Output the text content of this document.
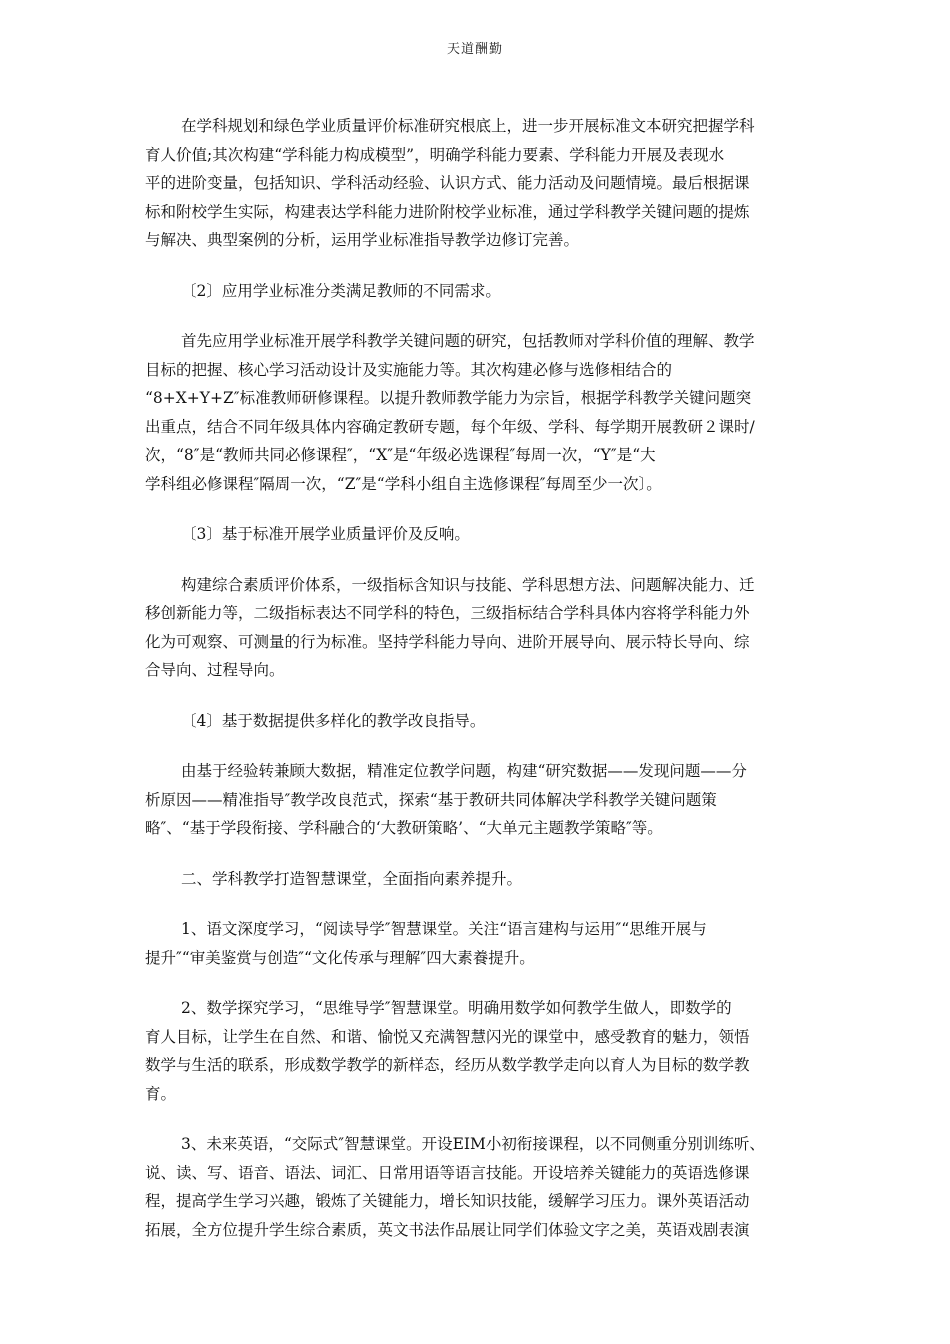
天道酬勤
在学科规划和绿色学业质量评价标准研究根底上，进一步开展标准文本研究把握学科
育人价值;其次构建“学科能力构成模型”，明确学科能力要素、学科能力开展及表现水
平的进阶变量，包括知识、学科活动经验、认识方式、能力活动及问题情境。最后根据课
标和附校学生实际，构建表达学科能力进阶附校学业标准，通过学科教学关键问题的提炼
与解决、典型案例的分析，运用学业标准指导教学边修订完善。
〔2〕应用学业标准分类满足教师的不同需求。
首先应用学业标准开展学科教学关键问题的研究，包括教师对学科价值的理解、教学
目标的把握、核心学习活动设计及实施能力等。其次构建必修与选修相结合的
“8+X+Y+Z″标准教师研修课程。以提升教师教学能力为宗旨，根据学科教学关键问题突
出重点，结合不同年级具体内容确定教研专题，每个年级、学科、每学期开展教研２课时/
次，“8″是“教师共同必修课程″，“X″是“年级必选课程″每周一次，“Y″是“大
学科组必修课程″隔周一次，“Z″是“学科小组自主选修课程″每周至少一次〕。
〔3〕基于标准开展学业质量评价及反响。
构建综合素质评价体系，一级指标含知识与技能、学科思想方法、问题解决能力、迁
移创新能力等，二级指标表达不同学科的特色，三级指标结合学科具体内容将学科能力外
化为可观察、可测量的行为标准。坚持学科能力导向、进阶开展导向、展示特长导向、综
合导向、过程导向。
〔4〕基于数据提供多样化的教学改良指导。
由基于经验转兼顾大数据，精准定位教学问题，构建“研究数据——发现问题——分
析原因——精准指导″教学改良范式，探索“基于教研共同体解决学科教学关键问题策
略″、“基于学段衔接、学科融合的‘大教研策略’、“大单元主题教学策略″等。
二、学科教学打造智慧课堂，全面指向素养提升。
1、语文深度学习，“阅读导学″智慧课堂。关注“语言建构与运用″“思维开展与
提升″“审美鉴赏与创造″“文化传承与理解″四大素養提升。
2、数学探究学习，“思维导学″智慧课堂。明确用数学如何教学生做人，即数学的
育人目标，让学生在自然、和谐、愉悦又充满智慧闪光的课堂中，感受教育的魅力，领悟
数学与生活的联系，形成数学教学的新样态，经历从数学教学走向以育人为目标的数学教
育。
3、未来英语，“交际式″智慧课堂。开设EIM小初衔接课程，以不同侧重分别训练听、
说、读、写、语音、语法、词汇、日常用语等语言技能。开设培养关键能力的英语选修课
程，提高学生学习兴趣，锻炼了关键能力，增长知识技能，缓解学习压力。课外英语活动
拓展，全方位提升学生综合素质，英文书法作品展让同学们体验文字之美，英语戏剧表演
